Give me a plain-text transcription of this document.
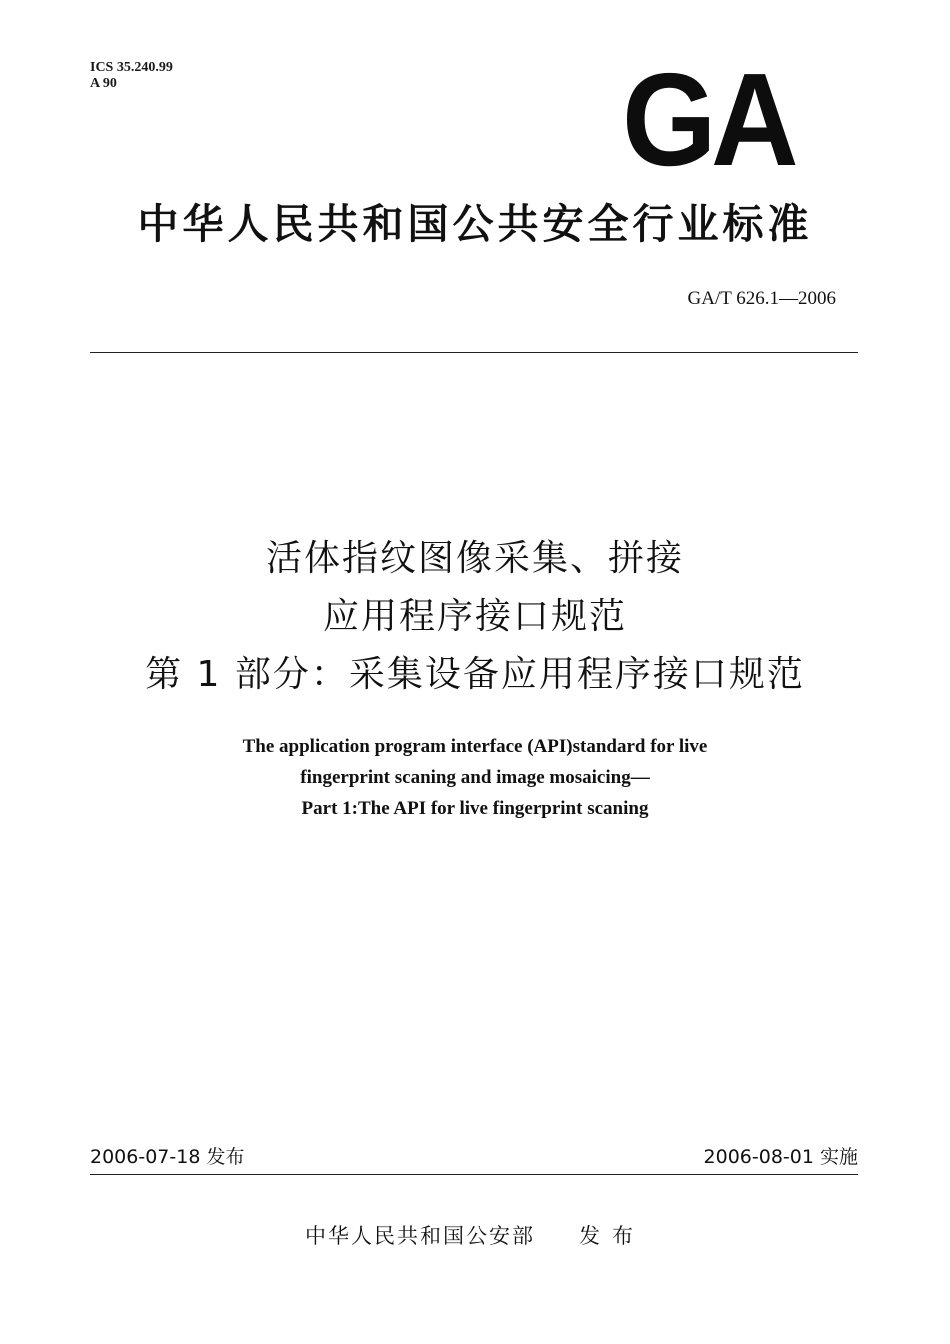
ICS 35.240.99
A 90	GA
中华人民共和国公共安全行业标准
GA/T 626.1—2006
活体指纹图像采集、拼接
应用程序接口规范
第 1 部分：采集设备应用程序接口规范
The application program interface (API)standard for live
fingerprint scaning and image mosaicing—
Part 1:The API for live fingerprint scaning
2006-07-18 发布	2006-08-01 实施
中华人民共和国公安部 发布
